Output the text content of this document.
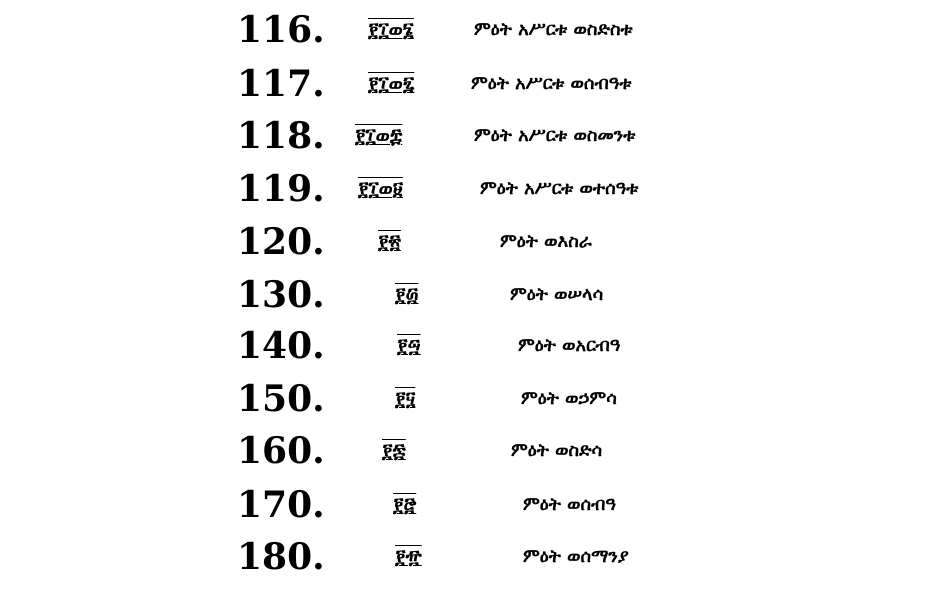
116. ፻፲ወ፮	ምዕት አሥርቱ ወስድስቱ
117. ፻፲ወ፯	ምዕት አሥርቱ ወሰብዓቱ
118. ፻፲ወ፰	ምዕት አሥርቱ ወስመንቱ
119. ፻፲ወ፱	ምዕት አሥርቱ ወተሰዓቱ
120.	፻፳	ምዕት ወእስራ
130.	፻፴	ምዕት ወሠላሳ
140.	፻፵	ምዕት ወአርብዓ
150.	፻፶	ምዕት ወኃምሳ
160.	፻፷	ምዕት ወስድሳ
170.	፻፸	ምዕት ወሰብዓ
180.	፻፹	ምዕት ወሰማንያ
